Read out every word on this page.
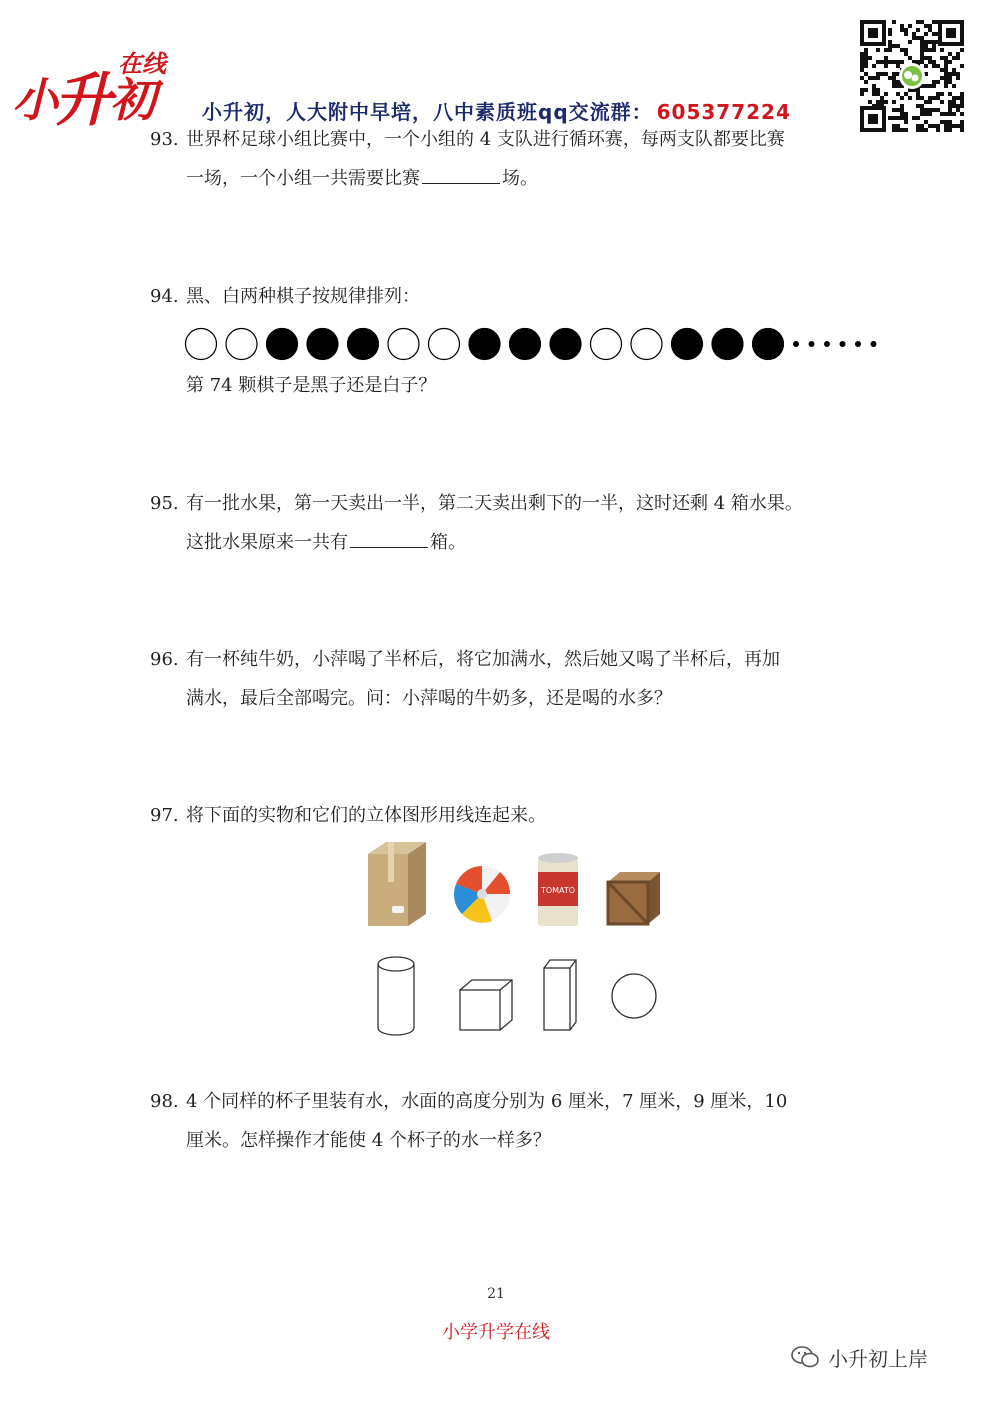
小
升
初
在线
小升初，人大附中早培，八中素质班qq交流群： 605377224
93. 世界杯足球小组比赛中，一个小组的 4 支队进行循环赛，每两支队都要比赛
一场，一个小组一共需要比赛	场。
94. 黑、白两种棋子按规律排列：
第 74 颗棋子是黑子还是白子？
95. 有一批水果，第一天卖出一半，第二天卖出剩下的一半，这时还剩 4 箱水果。
这批水果原来一共有	箱。
96. 有一杯纯牛奶，小萍喝了半杯后，将它加满水，然后她又喝了半杯后，再加
满水，最后全部喝完。问：小萍喝的牛奶多，还是喝的水多？
97. 将下面的实物和它们的立体图形用线连起来。
TOMATO
98. 4 个同样的杯子里装有水，水面的高度分别为 6 厘米，7 厘米，9 厘米，10
厘米。怎样操作才能使 4 个杯子的水一样多？
21
小学升学在线
小升初上岸
